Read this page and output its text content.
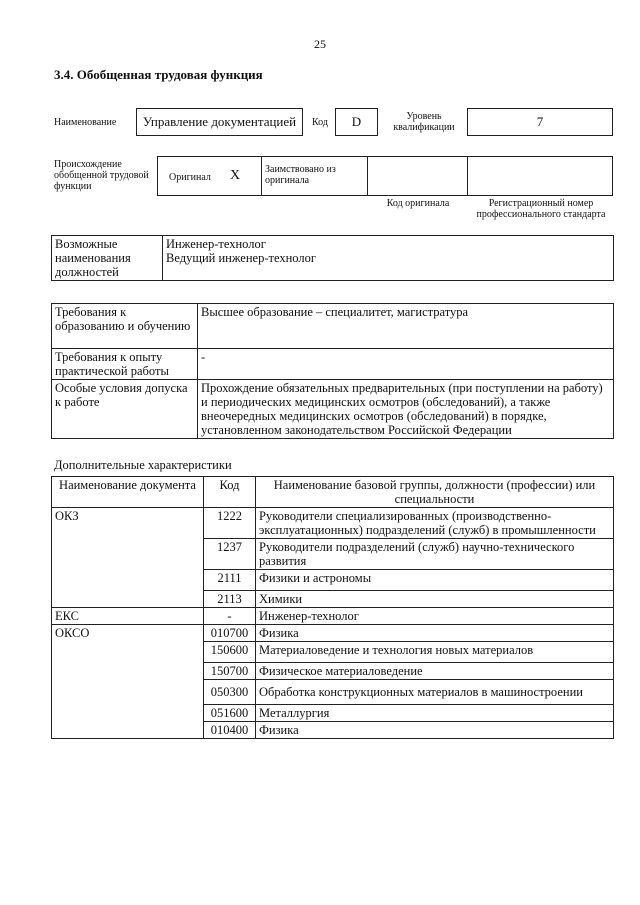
25
3.4. Обобщенная трудовая функция
Наименование	Управление документацией	Код	D	Уровень квалификации	7
Происхождение обобщенной трудовой функции
Оригинал X Заимствовано из оригинала
Код оригинала	Регистрационный номер профессионального стандарта
Возможные наименования должностей	
Инженер-технолог
Ведущий инженер-технолог
Требования к образованию и обучению	Высшее образование – специалитет, магистратура
Требования к опыту практической работы	-
Особые условия допуска к работе	Прохождение обязательных предварительных (при поступлении на работу) и периодических медицинских осмотров (обследований), а также внеочередных медицинских осмотров (обследований) в порядке, установленном законодательством Российской Федерации
Дополнительные характеристики
Наименование документа	Код	Наименование базовой группы, должности (профессии) или специальности
ОКЗ	1222	Руководители специализированных (производственно-эксплуатационных) подразделений (служб) в промышленности
	1237	Руководители подразделений (служб) научно-технического развития
	2111	Физики и астрономы
	2113	Химики
ЕКС	-	Инженер-технолог
ОКСО	010700	Физика
	150600	Материаловедение и технология новых материалов
	150700	Физическое материаловедение
	050300	Обработка конструкционных материалов в машиностроении
	051600	Металлургия
	010400	Физика
